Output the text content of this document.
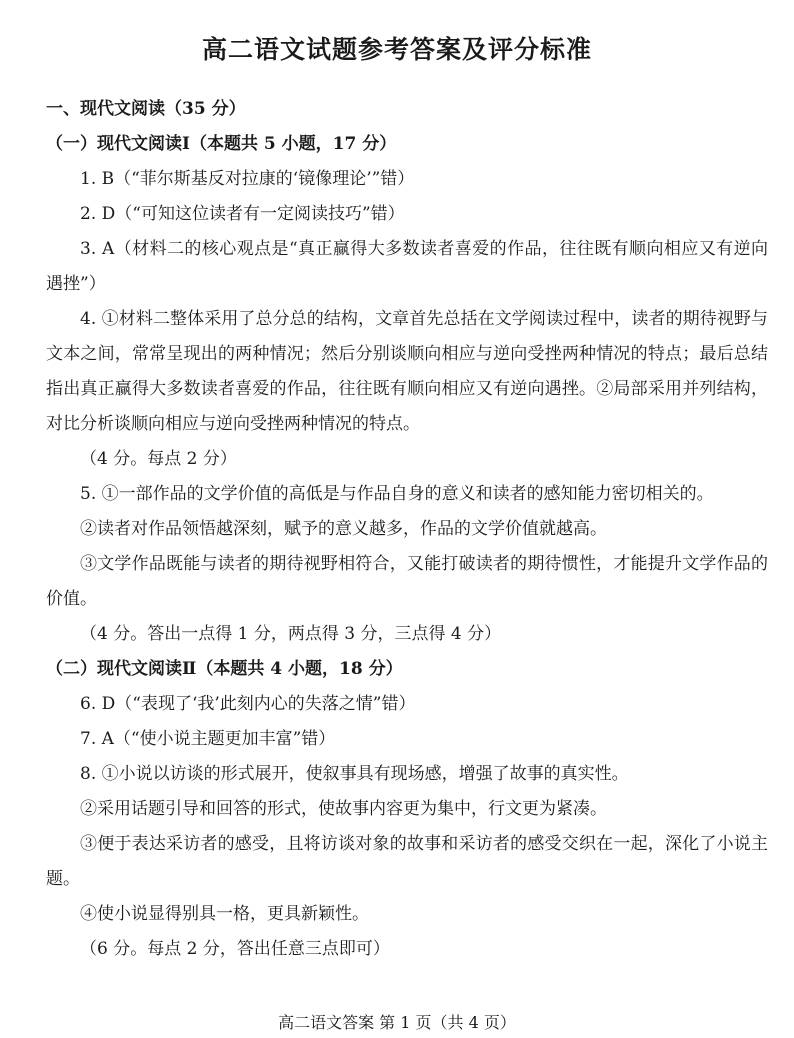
高二语文试题参考答案及评分标准
一、现代文阅读（35 分）
（一）现代文阅读Ⅰ（本题共 5 小题，17 分）
1. B（“菲尔斯基反对拉康的‘镜像理论’”错）
2. D（“可知这位读者有一定阅读技巧”错）
3. A（材料二的核心观点是“真正赢得大多数读者喜爱的作品，往往既有顺向相应又有逆向遇挫”）
4. ①材料二整体采用了总分总的结构，文章首先总括在文学阅读过程中，读者的期待视野与文本之间，常常呈现出的两种情况；然后分别谈顺向相应与逆向受挫两种情况的特点；最后总结指出真正赢得大多数读者喜爱的作品，往往既有顺向相应又有逆向遇挫。②局部采用并列结构，对比分析谈顺向相应与逆向受挫两种情况的特点。
（4 分。每点 2 分）
5. ①一部作品的文学价值的高低是与作品自身的意义和读者的感知能力密切相关的。
②读者对作品领悟越深刻，赋予的意义越多，作品的文学价值就越高。
③文学作品既能与读者的期待视野相符合，又能打破读者的期待惯性，才能提升文学作品的价值。
（4 分。答出一点得 1 分，两点得 3 分，三点得 4 分）
（二）现代文阅读Ⅱ（本题共 4 小题，18 分）
6. D（“表现了‘我’此刻内心的失落之情”错）
7. A（“使小说主题更加丰富”错）
8. ①小说以访谈的形式展开，使叙事具有现场感，增强了故事的真实性。
②采用话题引导和回答的形式，使故事内容更为集中，行文更为紧凑。
③便于表达采访者的感受，且将访谈对象的故事和采访者的感受交织在一起，深化了小说主题。
④使小说显得别具一格，更具新颖性。
（6 分。每点 2 分，答出任意三点即可）
高二语文答案 第 1 页（共 4 页）
